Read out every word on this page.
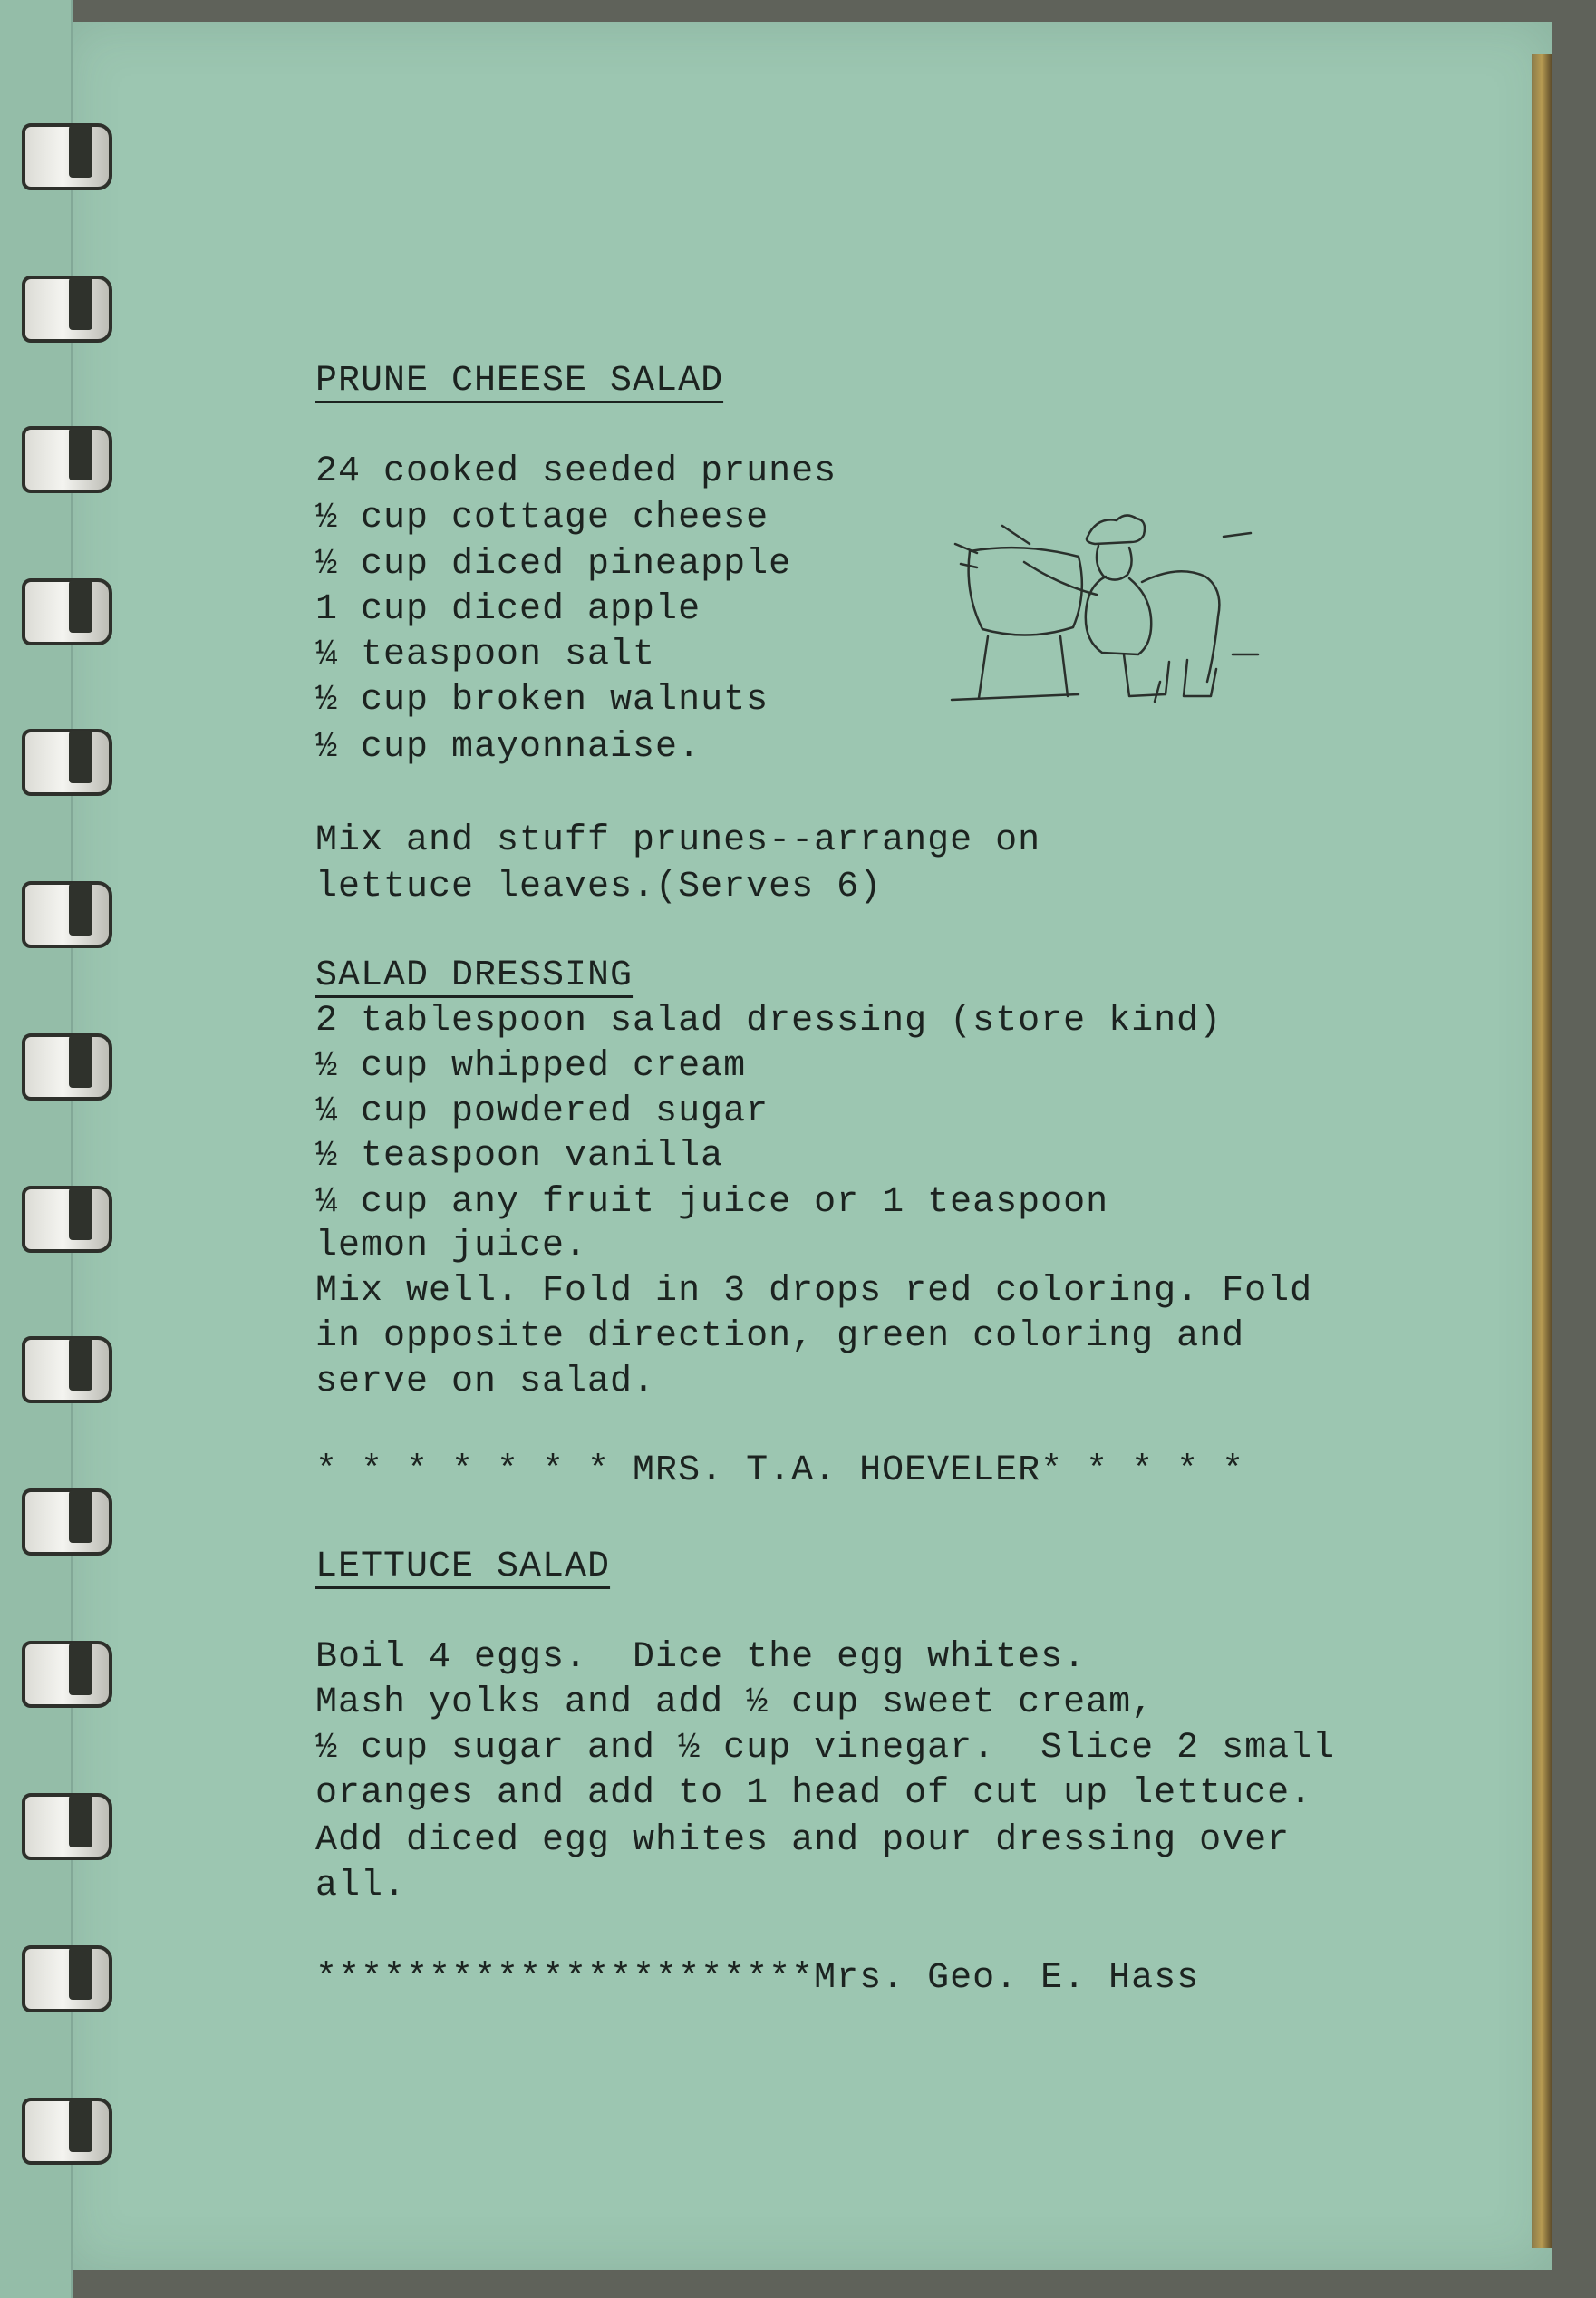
PRUNE CHEESE SALAD
24 cooked seeded prunes
½ cup cottage cheese
½ cup diced pineapple
1 cup diced apple
¼ teaspoon salt
½ cup broken walnuts
½ cup mayonnaise.
Mix and stuff prunes--arrange on
lettuce leaves.(Serves 6)
SALAD DRESSING
2 tablespoon salad dressing (store kind)
½ cup whipped cream
¼ cup powdered sugar
½ teaspoon vanilla
¼ cup any fruit juice or 1 teaspoon
lemon juice.
Mix well. Fold in 3 drops red coloring. Fold
in opposite direction, green coloring and
serve on salad.
* * * * * * * MRS. T.A. HOEVELER* * * * *
LETTUCE SALAD
Boil 4 eggs.  Dice the egg whites.
Mash yolks and add ½ cup sweet cream,
½ cup sugar and ½ cup vinegar.  Slice 2 small
oranges and add to 1 head of cut up lettuce.
Add diced egg whites and pour dressing over
all.
**********************Mrs. Geo. E. Hass
